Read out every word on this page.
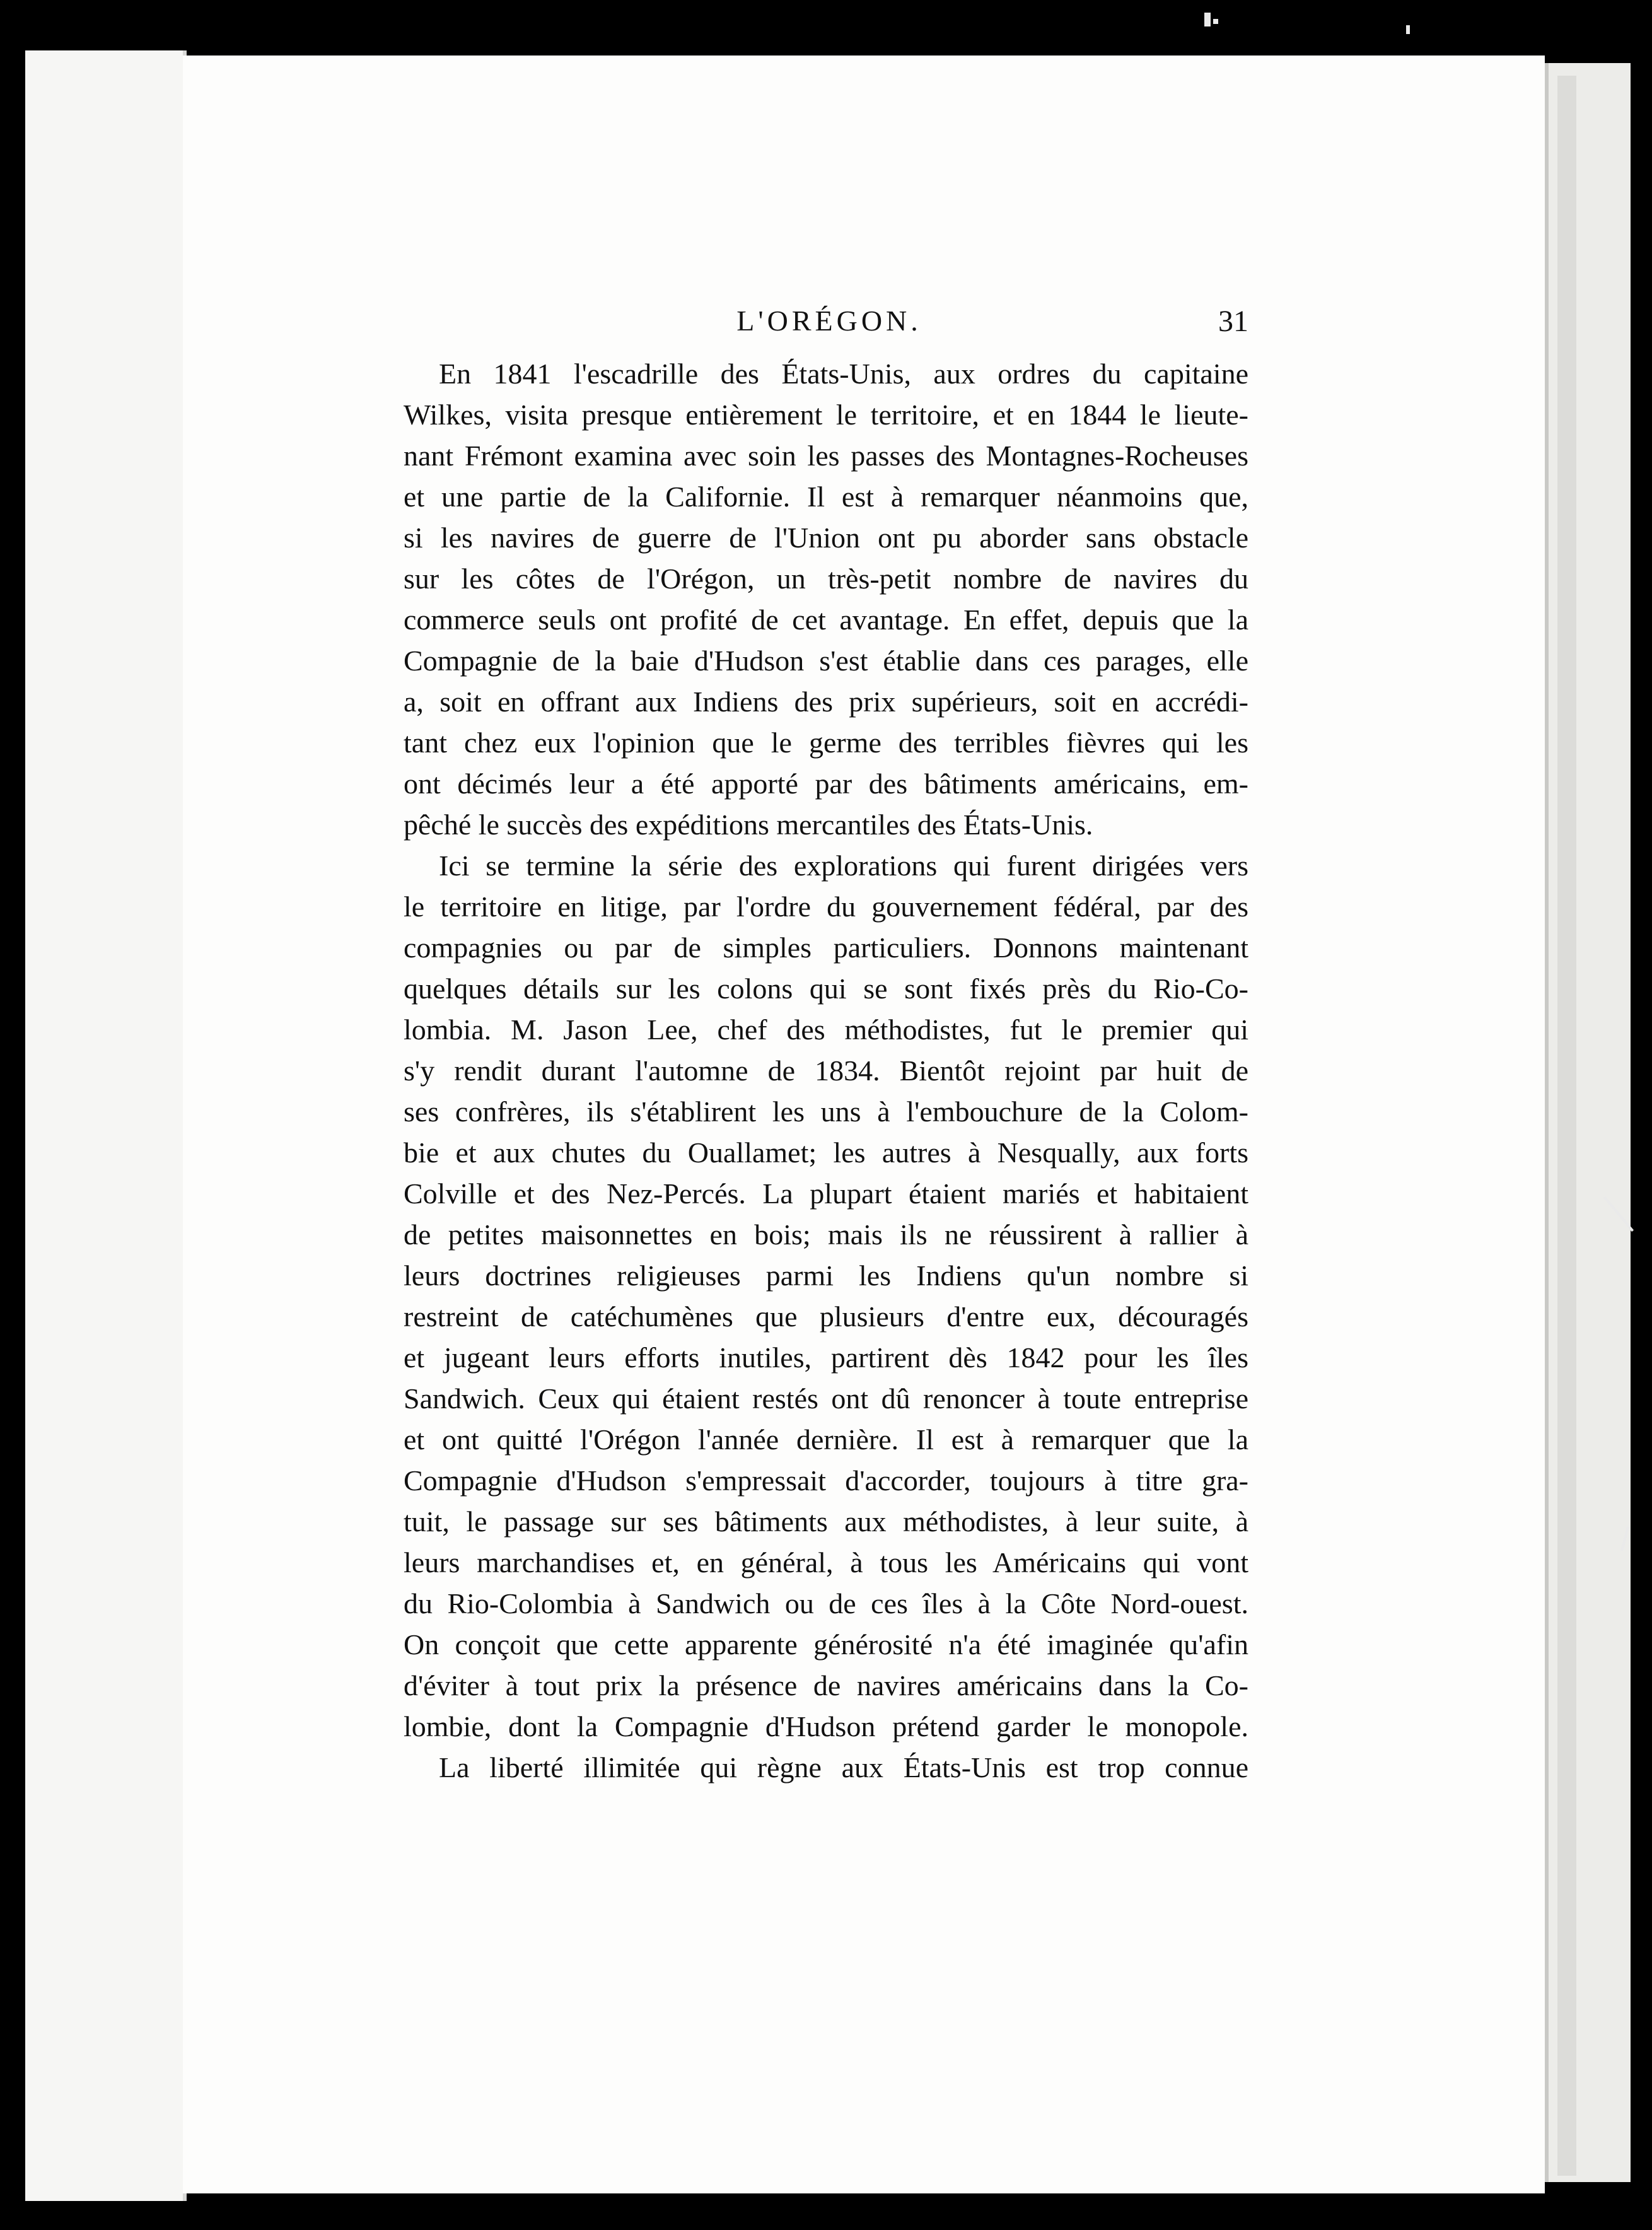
L'ORÉGON.	31
En 1841 l'escadrille des États-Unis, aux ordres du capitaine
Wilkes, visita presque entièrement le territoire, et en 1844 le lieute-
nant Frémont examina avec soin les passes des Montagnes-Rocheuses
et une partie de la Californie. Il est à remarquer néanmoins que,
si les navires de guerre de l'Union ont pu aborder sans obstacle
sur les côtes de l'Orégon, un très-petit nombre de navires du
commerce seuls ont profité de cet avantage. En effet, depuis que la
Compagnie de la baie d'Hudson s'est établie dans ces parages, elle
a, soit en offrant aux Indiens des prix supérieurs, soit en accrédi-
tant chez eux l'opinion que le germe des terribles fièvres qui les
ont décimés leur a été apporté par des bâtiments américains, em-
pêché le succès des expéditions mercantiles des États-Unis.
Ici se termine la série des explorations qui furent dirigées vers
le territoire en litige, par l'ordre du gouvernement fédéral, par des
compagnies ou par de simples particuliers. Donnons maintenant
quelques détails sur les colons qui se sont fixés près du Rio-Co-
lombia. M. Jason Lee, chef des méthodistes, fut le premier qui
s'y rendit durant l'automne de 1834. Bientôt rejoint par huit de
ses confrères, ils s'établirent les uns à l'embouchure de la Colom-
bie et aux chutes du Ouallamet; les autres à Nesqually, aux forts
Colville et des Nez-Percés. La plupart étaient mariés et habitaient
de petites maisonnettes en bois; mais ils ne réussirent à rallier à
leurs doctrines religieuses parmi les Indiens qu'un nombre si
restreint de catéchumènes que plusieurs d'entre eux, découragés
et jugeant leurs efforts inutiles, partirent dès 1842 pour les îles
Sandwich. Ceux qui étaient restés ont dû renoncer à toute entreprise
et ont quitté l'Orégon l'année dernière. Il est à remarquer que la
Compagnie d'Hudson s'empressait d'accorder, toujours à titre gra-
tuit, le passage sur ses bâtiments aux méthodistes, à leur suite, à
leurs marchandises et, en général, à tous les Américains qui vont
du Rio-Colombia à Sandwich ou de ces îles à la Côte Nord-ouest.
On conçoit que cette apparente générosité n'a été imaginée qu'afin
d'éviter à tout prix la présence de navires américains dans la Co-
lombie, dont la Compagnie d'Hudson prétend garder le monopole.
La liberté illimitée qui règne aux États-Unis est trop connue
